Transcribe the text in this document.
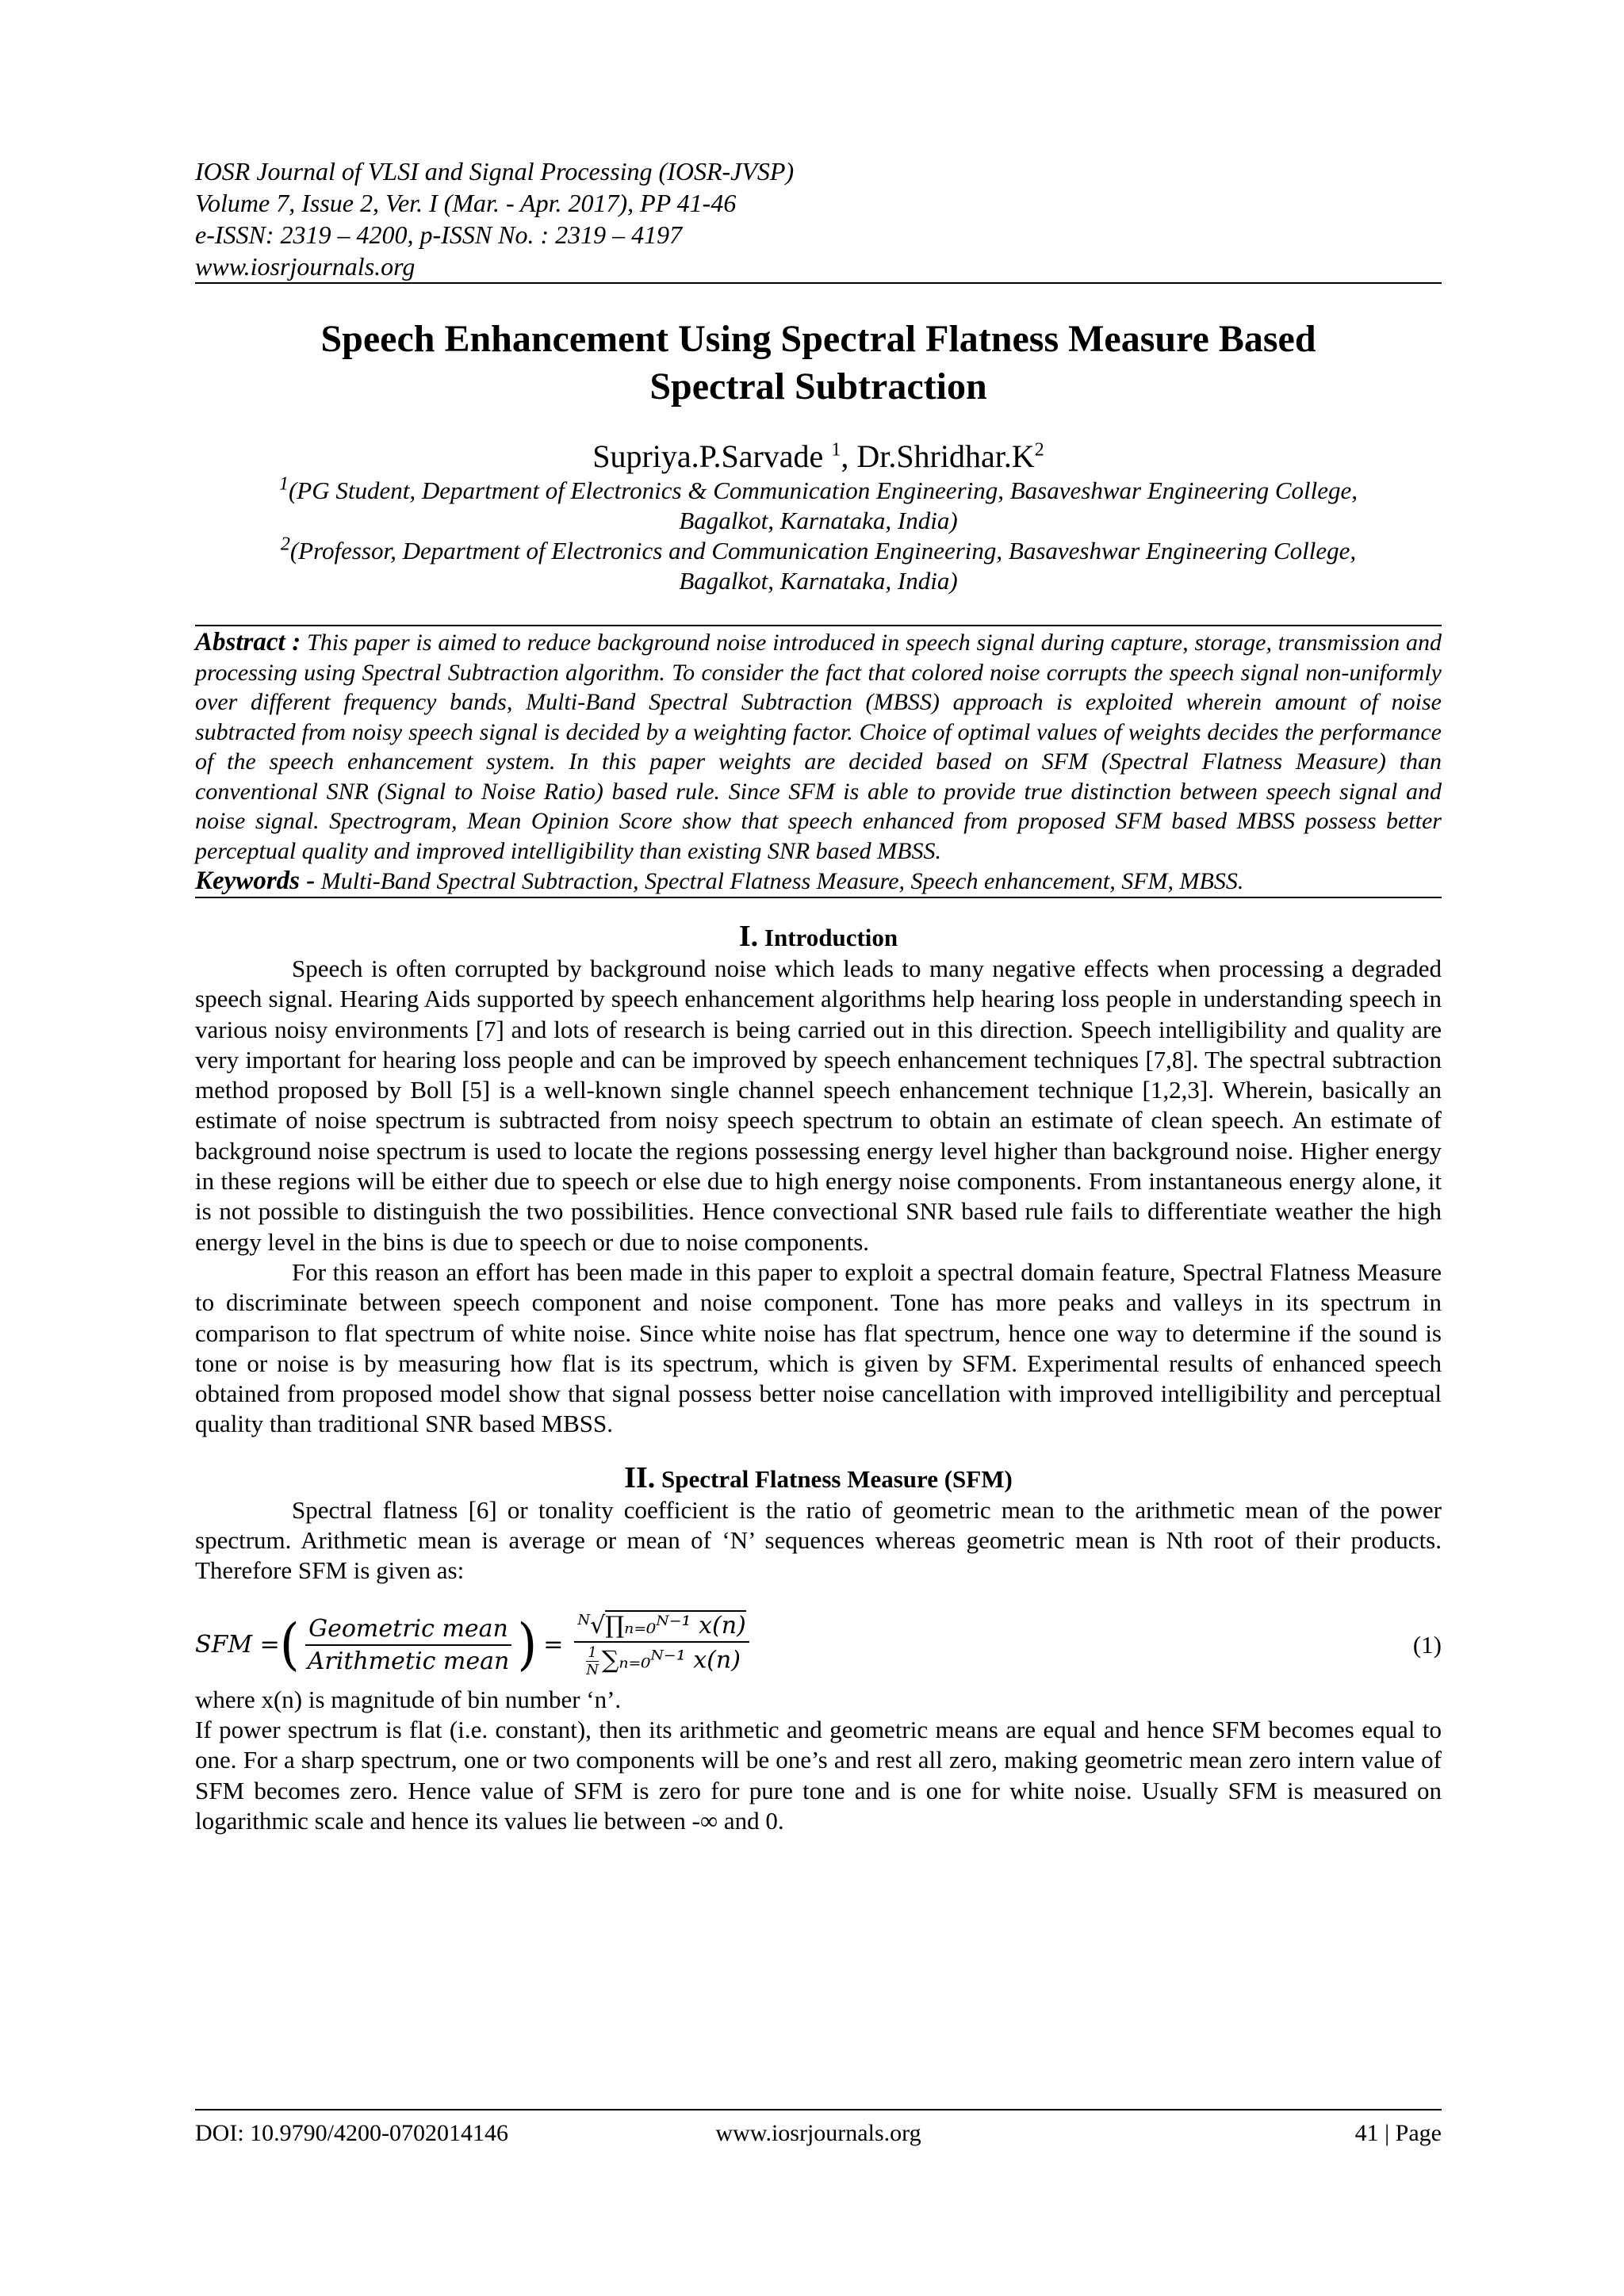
IOSR Journal of VLSI and Signal Processing (IOSR-JVSP)
Volume 7, Issue 2, Ver. I (Mar. - Apr. 2017), PP 41-46
e-ISSN: 2319 – 4200, p-ISSN No. : 2319 – 4197
www.iosrjournals.org
Speech Enhancement Using Spectral Flatness Measure Based
Spectral Subtraction
Supriya.P.Sarvade $^1$, $Dr.Shridhar.K^2$
$^1$(PG Student, Department of Electronics & Communication Engineering, Basaveshwar Engineering College,
Bagalkot, Karnataka, India)
$^2$(Professor, Department of Electronics and Communication Engineering, Basaveshwar Engineering College,
Bagalkot, Karnataka, India)
Abstract : This paper is aimed to reduce background noise introduced in speech signal during capture, storage, transmission and processing using Spectral Subtraction algorithm. To consider the fact that colored noise corrupts the speech signal non-uniformly over different frequency bands, Multi-Band Spectral Subtraction (MBSS) approach is exploited wherein amount of noise subtracted from noisy speech signal is decided by a weighting factor. Choice of optimal values of weights decides the performance of the speech enhancement system. In this paper weights are decided based on SFM (Spectral Flatness Measure) than conventional SNR (Signal to Noise Ratio) based rule. Since SFM is able to provide true distinction between speech signal and noise signal. Spectrogram, Mean Opinion Score show that speech enhanced from proposed SFM based MBSS possess better perceptual quality and improved intelligibility than existing SNR based MBSS.
Keywords - Multi-Band Spectral Subtraction, Spectral Flatness Measure, Speech enhancement, SFM, MBSS.
I. Introduction

Speech is often corrupted by background noise which leads to many negative effects when processing a degraded speech signal. Hearing Aids supported by speech enhancement algorithms help hearing loss people in understanding speech in various noisy environments [7] and lots of research is being carried out in this direction. Speech intelligibility and quality are very important for hearing loss people and can be improved by speech enhancement techniques [7,8]. The spectral subtraction method proposed by Boll [5] is a well-known single channel speech enhancement technique [1,2,3]. Wherein, basically an estimate of noise spectrum is subtracted from noisy speech spectrum to obtain an estimate of clean speech. An estimate of background noise spectrum is used to locate the regions possessing energy level higher than background noise. Higher energy in these regions will be either due to speech or else due to high energy noise components. From instantaneous energy alone, it is not possible to distinguish the two possibilities. Hence convectional SNR based rule fails to differentiate weather the high energy level in the bins is due to speech or due to noise components.

For this reason an effort has been made in this paper to exploit a spectral domain feature, Spectral Flatness Measure to discriminate between speech component and noise component. Tone has more peaks and valleys in its spectrum in comparison to flat spectrum of white noise. Since white noise has flat spectrum, hence one way to determine if the sound is tone or noise is by measuring how flat is its spectrum, which is given by SFM. Experimental results of enhanced speech obtained from proposed model show that signal possess better noise cancellation with improved intelligibility and perceptual quality than traditional SNR based MBSS.

II. Spectral Flatness Measure (SFM)

Spectral flatness [6] or tonality coefficient is the ratio of geometric mean to the arithmetic mean of the power spectrum. Arithmetic mean is average or mean of ‘N’ sequences whereas geometric mean is Nth root of their products. Therefore SFM is given as:

SFM = ( $\frac{\text{Geometric mean}}{\text{Arithmetic mean}}$ ) = $\frac{^N√\prod_{n=0}ᴺ^{-1} x(n)}{\frac{1}{N} \sum_{n=0}ᴺ^{-1} x(n)}$	(1)

where x(n) is magnitude of bin number ‘n’.

If power spectrum is flat (i.e. constant), then its arithmetic and geometric means are equal and hence SFM becomes equal to one. For a sharp spectrum, one or two components will be one’s and rest all zero, making geometric mean zero intern value of SFM becomes zero. Hence value of SFM is zero for pure tone and is one for white noise. Usually SFM is measured on logarithmic scale and hence its values lie between -∞ and 0.

DOI: 10.9790/4200-0702014146	www.iosrjournals.org	41 | Page
